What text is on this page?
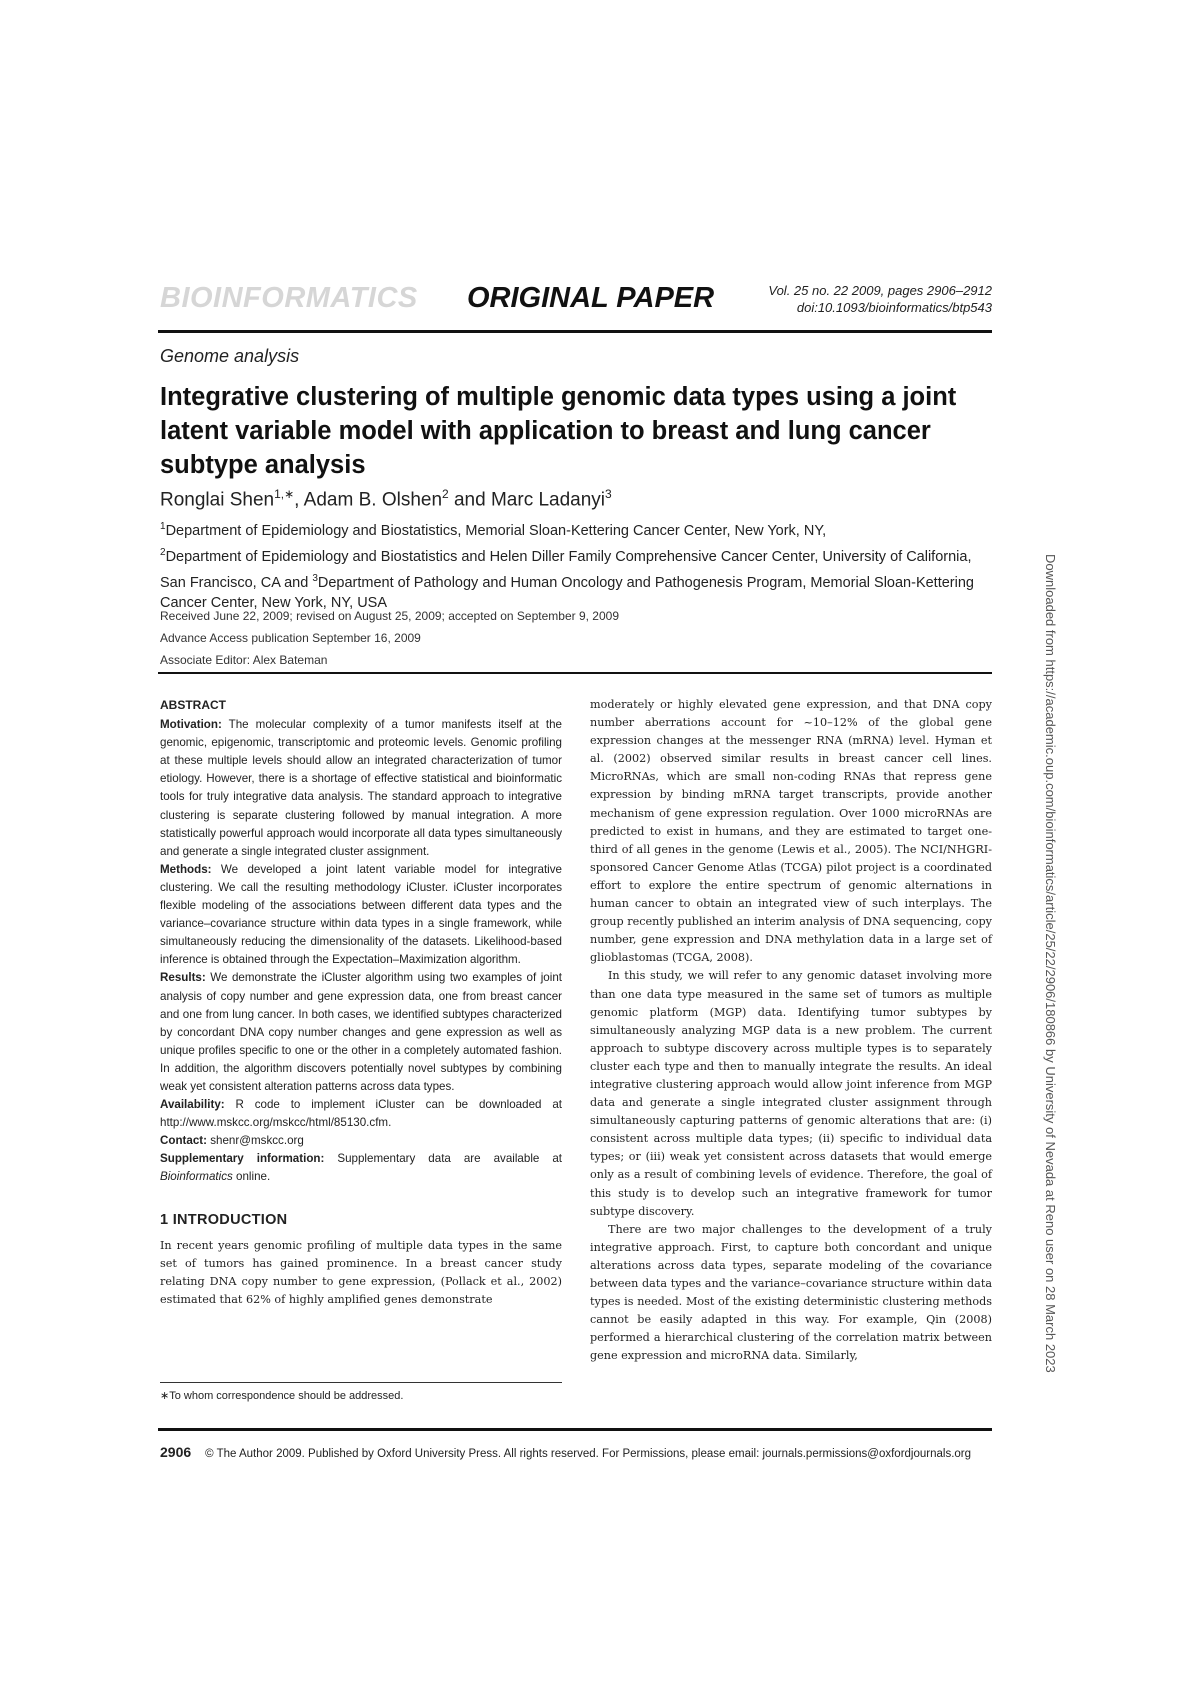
BIOINFORMATICS ORIGINAL PAPER	Vol. 25 no. 22 2009, pages 2906–2912
doi:10.1093/bioinformatics/btp543
Genome analysis
Integrative clustering of multiple genomic data types using a joint latent variable model with application to breast and lung cancer subtype analysis
Ronglai Shen$^{1,∗}$, Adam B. Olshen$^2$ and Marc Ladanyi$^3$
$^1$Department of Epidemiology and Biostatistics, Memorial Sloan-Kettering Cancer Center, New York, NY,
$^2$Department of Epidemiology and Biostatistics and Helen Diller Family Comprehensive Cancer Center, University of California, San Francisco, CA and $^3$Department of Pathology and Human Oncology and Pathogenesis Program, Memorial Sloan-Kettering Cancer Center, New York, NY, USA
Received June 22, 2009; revised on August 25, 2009; accepted on September 9, 2009
Advance Access publication September 16, 2009
Associate Editor: Alex Bateman
ABSTRACT

Motivation: The molecular complexity of a tumor manifests itself at the genomic, epigenomic, transcriptomic and proteomic levels. Genomic profiling at these multiple levels should allow an integrated characterization of tumor etiology. However, there is a shortage of effective statistical and bioinformatic tools for truly integrative data analysis. The standard approach to integrative clustering is separate clustering followed by manual integration. A more statistically powerful approach would incorporate all data types simultaneously and generate a single integrated cluster assignment.

Methods: We developed a joint latent variable model for integrative clustering. We call the resulting methodology iCluster. iCluster incorporates flexible modeling of the associations between different data types and the variance–covariance structure within data types in a single framework, while simultaneously reducing the dimensionality of the datasets. Likelihood-based inference is obtained through the Expectation–Maximization algorithm.

Results: We demonstrate the iCluster algorithm using two examples of joint analysis of copy number and gene expression data, one from breast cancer and one from lung cancer. In both cases, we identified subtypes characterized by concordant DNA copy number changes and gene expression as well as unique profiles specific to one or the other in a completely automated fashion. In addition, the algorithm discovers potentially novel subtypes by combining weak yet consistent alteration patterns across data types.

Availability: R code to implement iCluster can be downloaded at http://www.mskcc.org/mskcc/html/85130.cfm.

Contact: shenr@mskcc.org

Supplementary information: Supplementary data are available at Bioinformatics online.

1 INTRODUCTION

In recent years genomic profiling of multiple data types in the same set of tumors has gained prominence. In a breast cancer study relating DNA copy number to gene expression, (Pollack et al., 2002) estimated that 62% of highly amplified genes demonstrate

∗To whom correspondence should be addressed.

moderately or highly elevated gene expression, and that DNA copy number aberrations account for ~10–12% of the global gene expression changes at the messenger RNA (mRNA) level. Hyman et al. (2002) observed similar results in breast cancer cell lines. MicroRNAs, which are small non-coding RNAs that repress gene expression by binding mRNA target transcripts, provide another mechanism of gene expression regulation. Over 1000 microRNAs are predicted to exist in humans, and they are estimated to target one-third of all genes in the genome (Lewis et al., 2005). The NCI/NHGRI-sponsored Cancer Genome Atlas (TCGA) pilot project is a coordinated effort to explore the entire spectrum of genomic alternations in human cancer to obtain an integrated view of such interplays. The group recently published an interim analysis of DNA sequencing, copy number, gene expression and DNA methylation data in a large set of glioblastomas (TCGA, 2008).

In this study, we will refer to any genomic dataset involving more than one data type measured in the same set of tumors as multiple genomic platform (MGP) data. Identifying tumor subtypes by simultaneously analyzing MGP data is a new problem. The current approach to subtype discovery across multiple types is to separately cluster each type and then to manually integrate the results. An ideal integrative clustering approach would allow joint inference from MGP data and generate a single integrated cluster assignment through simultaneously capturing patterns of genomic alterations that are: (i) consistent across multiple data types; (ii) specific to individual data types; or (iii) weak yet consistent across datasets that would emerge only as a result of combining levels of evidence. Therefore, the goal of this study is to develop such an integrative framework for tumor subtype discovery.

There are two major challenges to the development of a truly integrative approach. First, to capture both concordant and unique alterations across data types, separate modeling of the covariance between data types and the variance–covariance structure within data types is needed. Most of the existing deterministic clustering methods cannot be easily adapted in this way. For example, Qin (2008) performed a hierarchical clustering of the correlation matrix between gene expression and microRNA data. Similarly,

2906 © The Author 2009. Published by Oxford University Press. All rights reserved. For Permissions, please email: journals.permissions@oxfordjournals.org
Downloaded from https://academic.oup.com/bioinformatics/article/25/22/2906/180866 by University of Nevada at Reno user on 28 March 2023
